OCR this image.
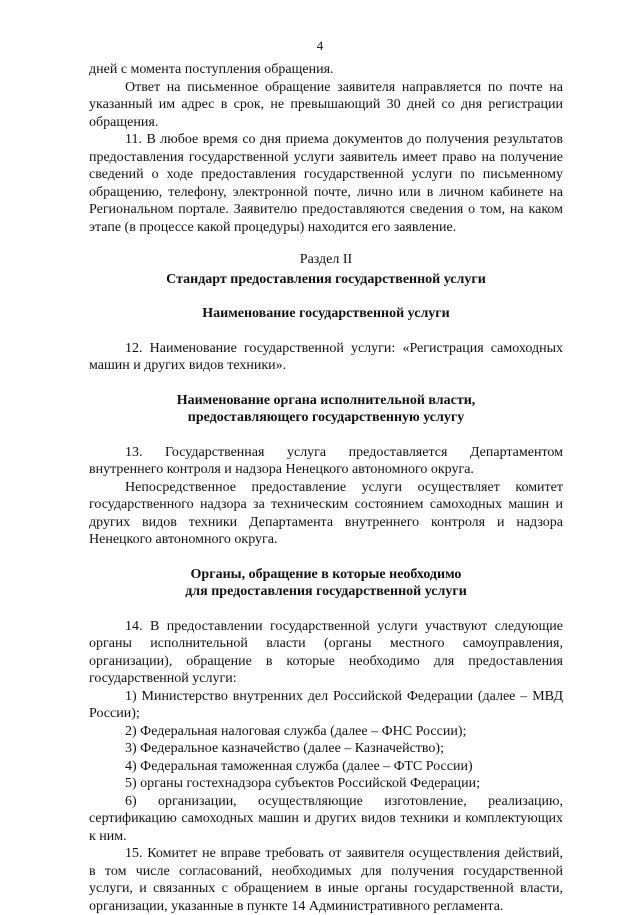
4

дней с момента поступления обращения.

Ответ на письменное обращение заявителя направляется по почте на указанный им адрес в срок, не превышающий 30 дней со дня регистрации обращения.

11. В любое время со дня приема документов до получения результатов предоставления государственной услуги заявитель имеет право на получение сведений о ходе предоставления государственной услуги по письменному обращению, телефону, электронной почте, лично или в личном кабинете на Региональном портале. Заявителю предоставляются сведения о том, на каком этапе (в процессе какой процедуры) находится его заявление.

Раздел II
Стандарт предоставления государственной услуги
Наименование государственной услуги

12. Наименование государственной услуги: «Регистрация самоходных машин и других видов техники».

Наименование органа исполнительной власти,
предоставляющего государственную услугу

13. Государственная услуга предоставляется Департаментом внутреннего контроля и надзора Ненецкого автономного округа.

Непосредственное предоставление услуги осуществляет комитет государственного надзора за техническим состоянием самоходных машин и других видов техники Департамента внутреннего контроля и надзора Ненецкого автономного округа.

Органы, обращение в которые необходимо
для предоставления государственной услуги

14. В предоставлении государственной услуги участвуют следующие органы исполнительной власти (органы местного самоуправления, организации), обращение в которые необходимо для предоставления государственной услуги:

1) Министерство внутренних дел Российской Федерации (далее – МВД России);

2) Федеральная налоговая служба (далее – ФНС России);

3) Федеральное казначейство (далее – Казначейство);

4) Федеральная таможенная служба (далее – ФТС России)

5) органы гостехнадзора субъектов Российской Федерации;

6) организации, осуществляющие изготовление, реализацию, сертификацию самоходных машин и других видов техники и комплектующих к ним.

15. Комитет не вправе требовать от заявителя осуществления действий, в том числе согласований, необходимых для получения государственной услуги, и связанных с обращением в иные органы государственной власти, организации, указанные в пункте 14 Административного регламента.
